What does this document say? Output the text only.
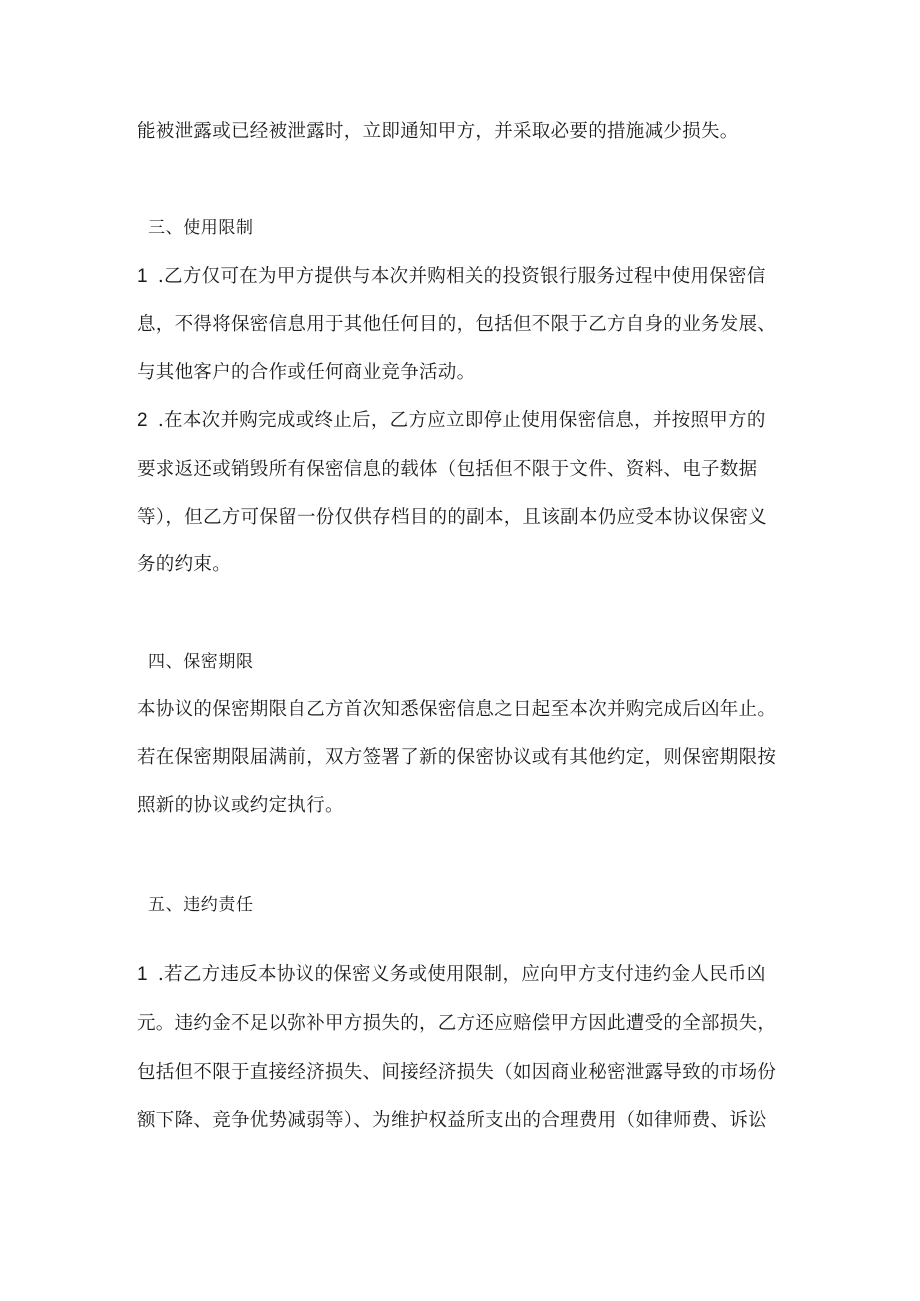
能被泄露或已经被泄露时，立即通知甲方，并采取必要的措施减少损失。
三、使用限制
1 .乙方仅可在为甲方提供与本次并购相关的投资银行服务过程中使用保密信
息，不得将保密信息用于其他任何目的，包括但不限于乙方自身的业务发展、
与其他客户的合作或任何商业竞争活动。
2 .在本次并购完成或终止后，乙方应立即停止使用保密信息，并按照甲方的
要求返还或销毁所有保密信息的载体（包括但不限于文件、资料、电子数据
等），但乙方可保留一份仅供存档目的的副本，且该副本仍应受本协议保密义
务的约束。
四、保密期限
本协议的保密期限自乙方首次知悉保密信息之日起至本次并购完成后凶年止。
若在保密期限届满前，双方签署了新的保密协议或有其他约定，则保密期限按
照新的协议或约定执行。
五、违约责任
1 .若乙方违反本协议的保密义务或使用限制，应向甲方支付违约金人民币凶
元。违约金不足以弥补甲方损失的，乙方还应赔偿甲方因此遭受的全部损失，
包括但不限于直接经济损失、间接经济损失（如因商业秘密泄露导致的市场份
额下降、竞争优势减弱等）、为维护权益所支出的合理费用（如律师费、诉讼
